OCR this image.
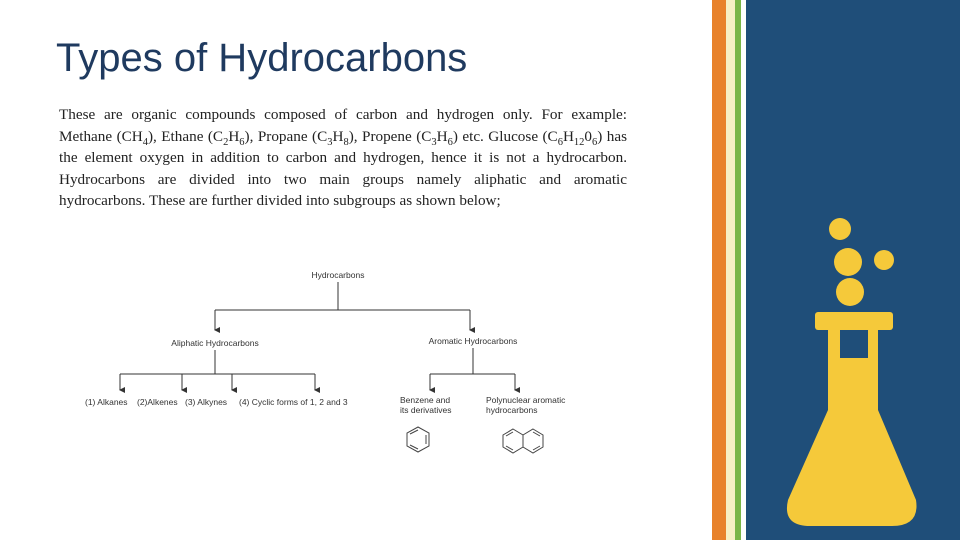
Types of Hydrocarbons

These are organic compounds composed of carbon and hydrogen only. For example: Methane $(CH_4)$, Ethane $(C_2H_6)$, Propane $(C_3H_8)$, Propene $(C_3H_6)$ etc. Glucose $(C_6H_{12}0_6)$ has the element oxygen in addition to carbon and hydrogen, hence it is not a hydrocarbon. Hydrocarbons are divided into two main groups namely aliphatic and aromatic hydrocarbons. These are further divided into subgroups as shown below;

Hydrocarbons
Aliphatic Hydrocarbons	Aromatic Hydrocarbons
(1) Alkanes (2)Alkenes (3) Alkynes (4) Cyclic forms of 1, 2 and 3	Benzene and
its derivatives
Polynuclear aromatic
hydrocarbons
